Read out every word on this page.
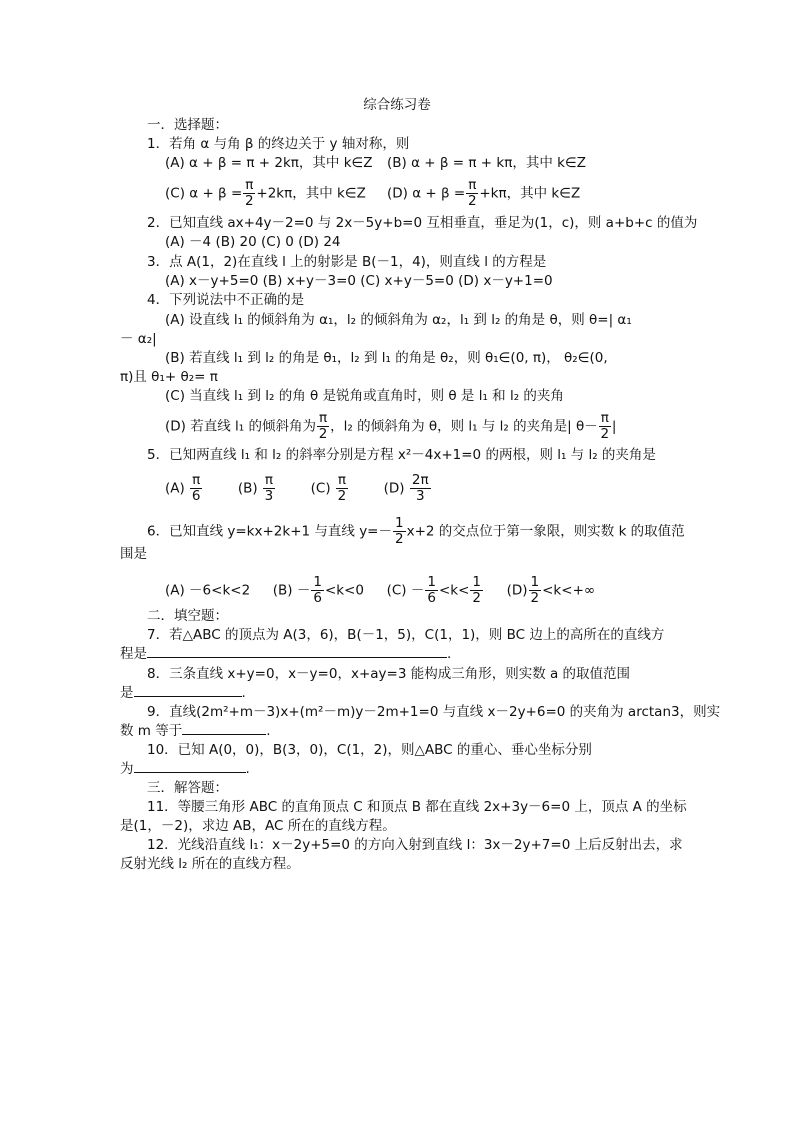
综合练习卷
一．选择题：
1．若角 α 与角 β 的终边关于 y 轴对称，则
(A) α + β = π + 2kπ，其中 k∈Z (B) α + β = π + kπ，其中 k∈Z
(C) $\alpha + \beta = \frac{\pi}{2} +2k\pi$，其中 k∈Z (D) $\alpha + \beta = \frac{\pi}{2} +k\pi$，其中 k∈Z
2．已知直线 ax+4y－2=0 与 2x－5y+b=0 互相垂直，垂足为(1，c)，则 a+b+c 的值为
(A) －4 (B) 20 (C) 0 (D) 24
3．点 A(1，2)在直线 l 上的射影是 B(－1，4)，则直线 l 的方程是
(A) x－y+5=0 (B) x+y－3=0 (C) x+y－5=0 (D) x－y+1=0
4．下列说法中不正确的是
(A) 设直线 l₁ 的倾斜角为 α₁，l₂ 的倾斜角为 α₂，l₁ 到 l₂ 的角是 θ，则 θ=| α₁
－ α₂|
(B) 若直线 l₁ 到 l₂ 的角是 θ₁，l₂ 到 l₁ 的角是 θ₂，则 θ₁∈(0, π)， θ₂∈(0,
π)且 θ₁+ θ₂= π
(C) 当直线 l₁ 到 l₂ 的角 θ 是锐角或直角时，则 θ 是 l₁ 和 l₂ 的夹角
(D) 若直线 l₁ 的倾斜角为 $\frac{\pi}{2}$ ，l₂ 的倾斜角为 θ，则 l₁ 与 l₂ 的夹角是| $\theta- \frac{\pi}{2}$ |
5．已知两直线 l₁ 和 l₂ 的斜率分别是方程 x²－4x+1=0 的两根，则 l₁ 与 l₂ 的夹角是
$(A) \frac{\pi}{6}$	$(B) \frac{\pi}{3}$	$(C) \frac{\pi}{2}$	$(D) \frac{2\pi}{3}$
6．已知直线 y=kx+2k+1 与直线 $y=- \frac{1}{2} x+2$ 的交点位于第一象限，则实数 k 的取值范
围是
(A) －6<k<2 $(B) - \frac{1}{6} <k<0$ $(C) - \frac{1}{6} <k< \frac{1}{2} (D) \frac{1}{2} <k<+\infty$
二．填空题：
7．若△ABC 的顶点为 A(3，6)，B(－1，5)，C(1，1)，则 BC 边上的高所在的直线方
程是	.
8．三条直线 x+y=0，x－y=0，x+ay=3 能构成三角形，则实数 a 的取值范围
是	.
9．直线(2m²+m－3)x+(m²－m)y－2m+1=0 与直线 x－2y+6=0 的夹角为 arctan3，则实
数 m 等于	.
10．已知 A(0，0)，B(3，0)，C(1，2)，则△ABC 的重心、垂心坐标分别
为	.
三．解答题：
11．等腰三角形 ABC 的直角顶点 C 和顶点 B 都在直线 2x+3y－6=0 上，顶点 A 的坐标
是(1，－2)，求边 AB，AC 所在的直线方程。
12．光线沿直线 l₁：x－2y+5=0 的方向入射到直线 l：3x－2y+7=0 上后反射出去，求
反射光线 l₂ 所在的直线方程。
